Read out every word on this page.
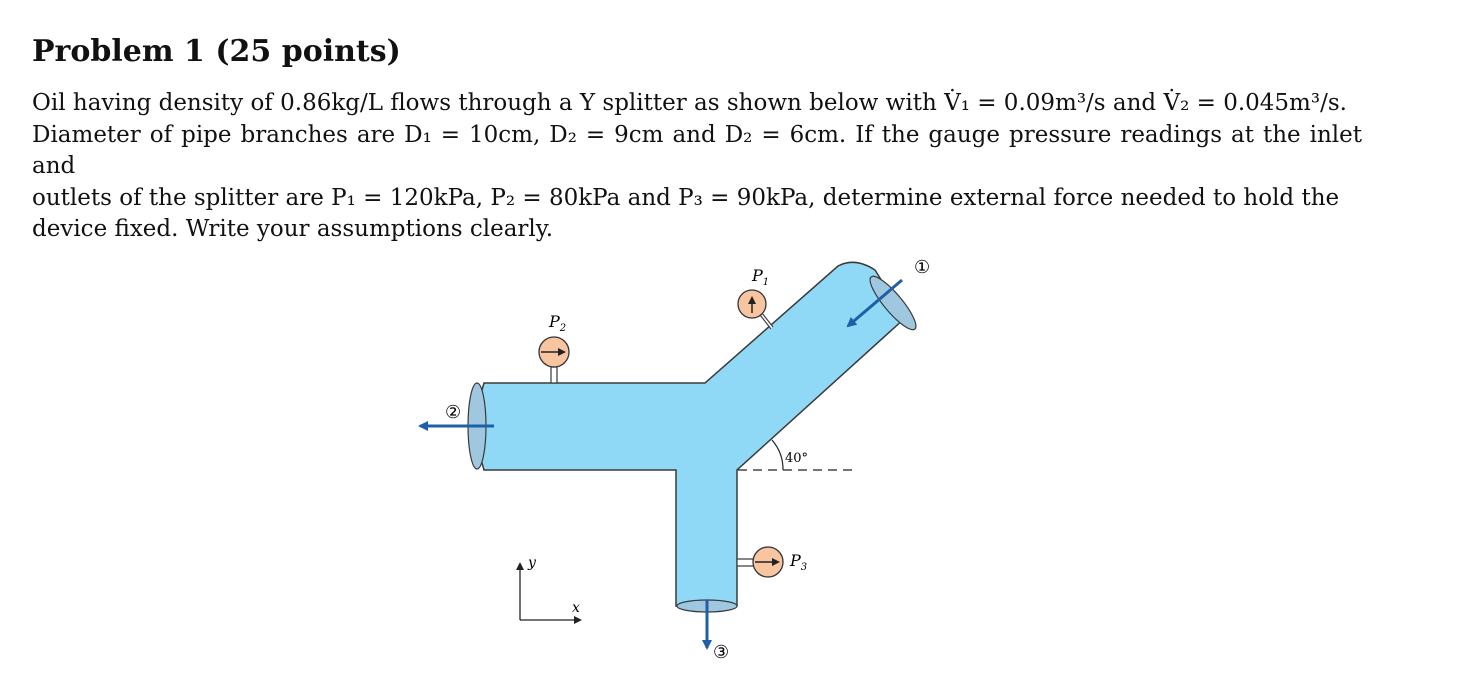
Problem 1 (25 points)
Oil having density of 0.86kg/L flows through a Y splitter as shown below with V̇₁ = 0.09m³/s and V̇₂ = 0.045m³/s.
Diameter of pipe branches are D₁ = 10cm, D₂ = 9cm and D₂ = 6cm. If the gauge pressure readings at the inlet and
outlets of the splitter are P₁ = 120kPa, P₂ = 80kPa and P₃ = 90kPa, determine external force needed to hold the
device fixed. Write your assumptions clearly.
40°
$P_1$
$P_2$
$P_3$
①
②
③
y
x
